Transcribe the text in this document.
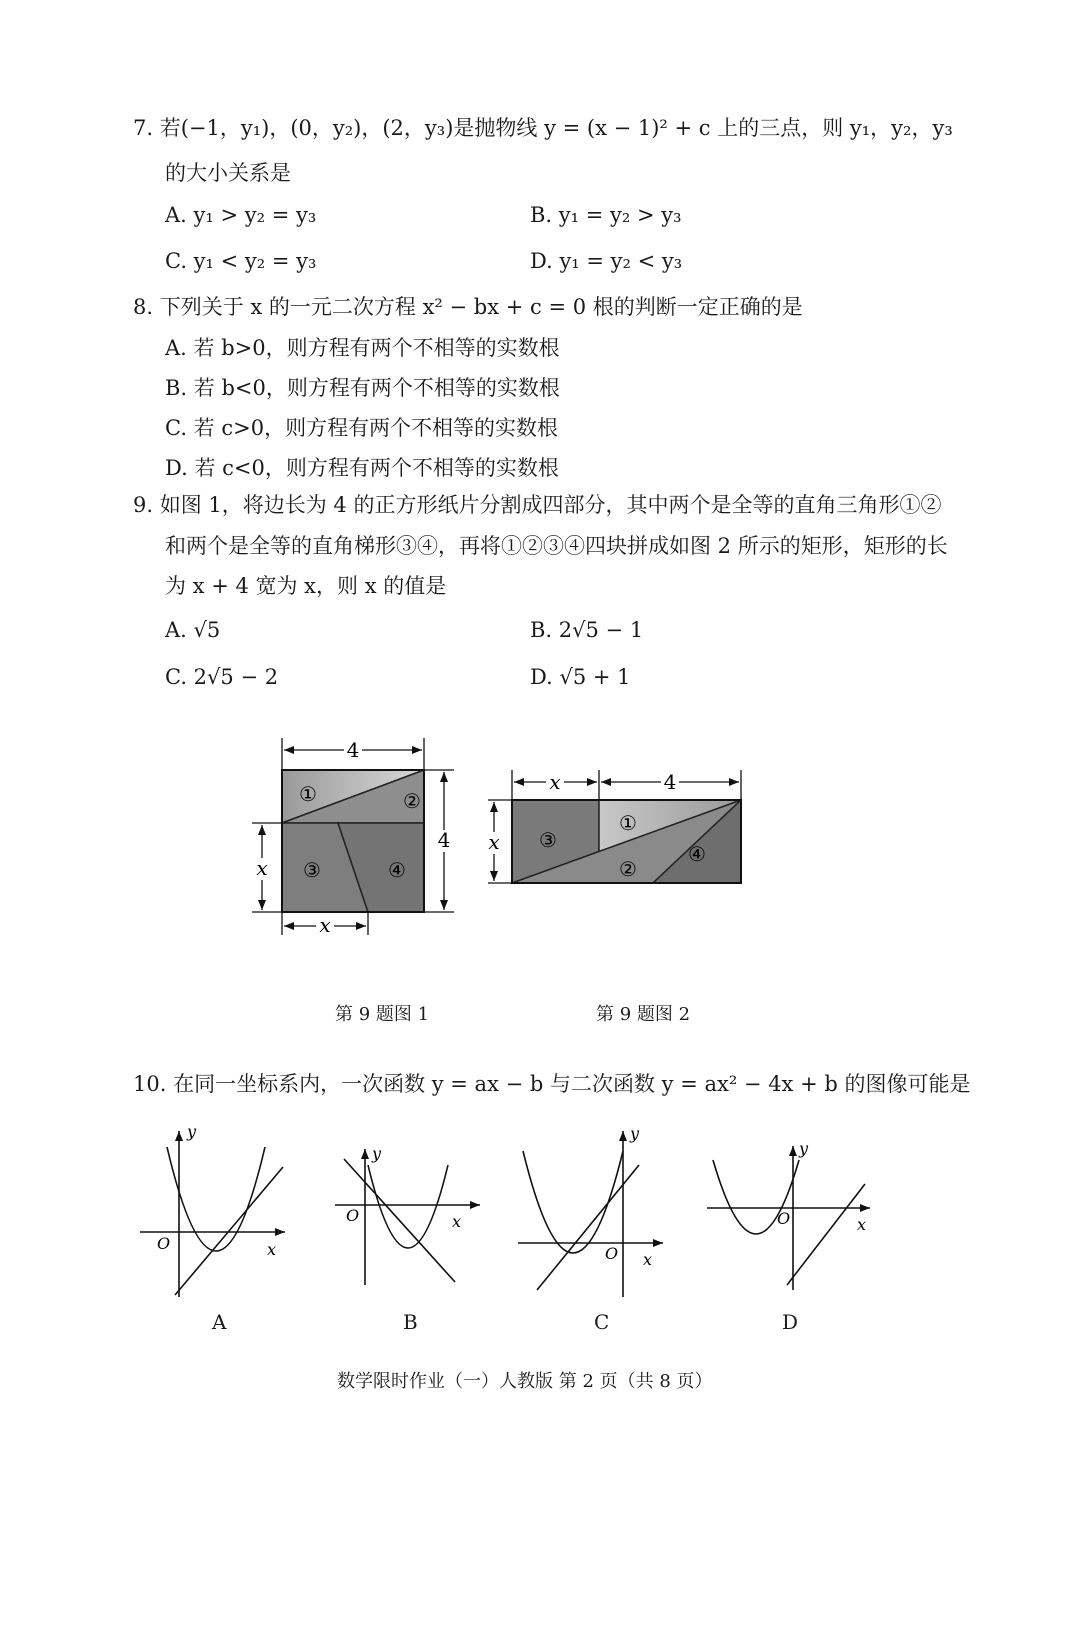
7. 若(−1，y₁)，(0，y₂)，(2，y₃)是抛物线 y = (x − 1)² + c 上的三点，则 y₁，y₂，y₃
的大小关系是
A. y₁ > y₂ = y₃	B. y₁ = y₂ > y₃
C. y₁ < y₂ = y₃	D. y₁ = y₂ < y₃
8. 下列关于 x 的一元二次方程 x² − bx + c = 0 根的判断一定正确的是
A. 若 b>0，则方程有两个不相等的实数根
B. 若 b<0，则方程有两个不相等的实数根
C. 若 c>0，则方程有两个不相等的实数根
D. 若 c<0，则方程有两个不相等的实数根
9. 如图 1，将边长为 4 的正方形纸片分割成四部分，其中两个是全等的直角三角形①②
和两个是全等的直角梯形③④，再将①②③④四块拼成如图 2 所示的矩形，矩形的长
为 x + 4 宽为 x，则 x 的值是
A. √5	B. 2√5 − 1
C. 2√5 − 2	D. √5 + 1
①	②
③	④
4
4
x
x
③
①
②
④
x	4
x
第 9 题图 1	第 9 题图 2
10. 在同一坐标系内，一次函数 y = ax − b 与二次函数 y = ax² − 4x + b 的图像可能是
y
x
O
A
y
x
O
B
y
x
O
C
y
x
O
D
数学限时作业（一）人教版 第 2 页（共 8 页）
